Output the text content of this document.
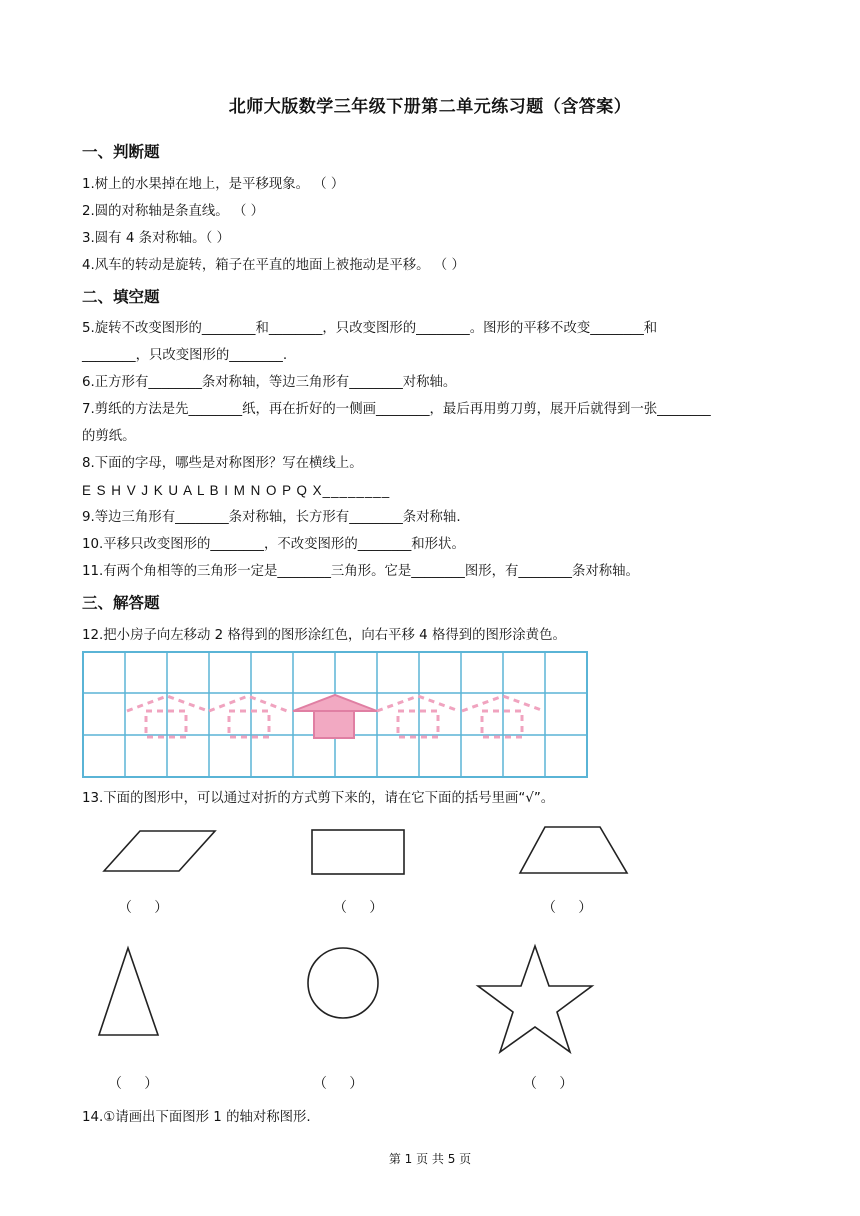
北师大版数学三年级下册第二单元练习题（含答案）
一、判断题
1.树上的水果掉在地上，是平移现象。 （ ）
2.圆的对称轴是条直线。 （ ）
3.圆有 4 条对称轴。（ ）
4.风车的转动是旋转，箱子在平直的地面上被拖动是平移。 （ ）
二、填空题
5.旋转不改变图形的________和________，只改变图形的________。图形的平移不改变________和
________，只改变图形的________.
6.正方形有________条对称轴，等边三角形有________对称轴。
7.剪纸的方法是先________纸，再在折好的一侧画________，最后再用剪刀剪，展开后就得到一张________
的剪纸。
8.下面的字母，哪些是对称图形？写在横线上。
E S H V J K U A L B I M N O P Q X________
9.等边三角形有________条对称轴，长方形有________条对称轴.
10.平移只改变图形的________，不改变图形的________和形状。
11.有两个角相等的三角形一定是________三角形。它是________图形，有________条对称轴。
三、解答题
12.把小房子向左移动 2 格得到的图形涂红色，向右平移 4 格得到的图形涂黄色。
13.下面的图形中，可以通过对折的方式剪下来的，请在它下面的括号里画“√”。
（     ）	（     ）	（     ）
（     ）	（     ）	（     ）
14.①请画出下面图形 1 的轴对称图形.
第 1 页 共 5 页
